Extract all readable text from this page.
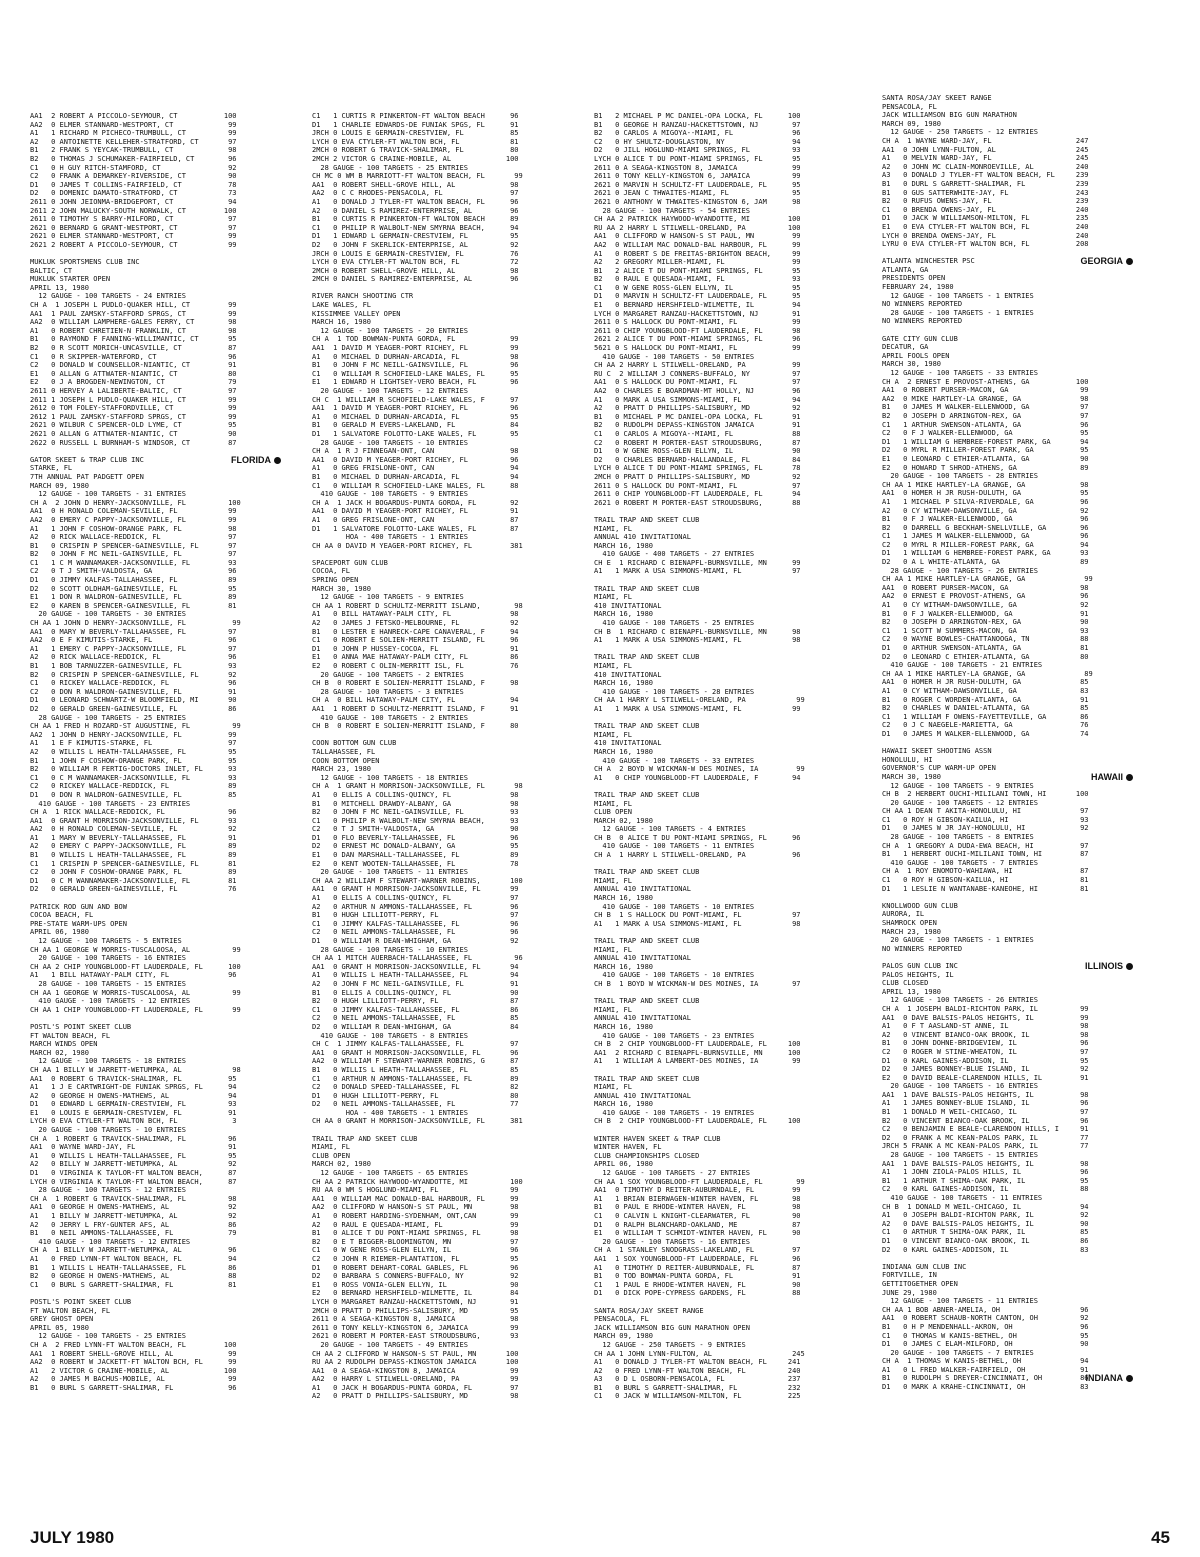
AA1  2 ROBERT A PICCOLO-SEYMOUR, CT           100
AA2  0 ELMER STANNARD-WESTPORT, CT             99
A1   1 RICHARD M PICHECO-TRUMBULL, CT          99
A2   0 ANTOINETTE KELLEHER-STRATFORD, CT       97
B1   2 FRANK S YEYCAK-TRUMBULL, CT             98
B2   0 THOMAS J SCHUMAKER-FAIRFIELD, CT        96
C1   0 H GUY RITCH-STAMFORD, CT                92
C2   0 FRANK A DEMARKEY-RIVERSIDE, CT          90
D1   0 JAMES T COLLINS-FAIRFIELD, CT           78
D2   0 DOMENIC DAMATO-STRATFORD, CT            73
2611 0 JOHN JEIONMA-BRIDGEPORT, CT             94
2611 2 JOHN MALUCKY-SOUTH NORWALK, CT         100
2611 0 TIMOTHY S BARRY-MILFORD, CT             97
2621 0 BERNARD G GRANT-WESTPORT, CT            97
2621 0 ELMER STANNARD-WESTPORT, CT             99
2621 2 ROBERT A PICCOLO-SEYMOUR, CT            99

MUKLUK SPORTSMENS CLUB INC
BALTIC, CT
MUKLUK STARTER OPEN
APRIL 13, 1980
12 GAUGE - 100 TARGETS - 24 ENTRIES
CH A  1 JOSEPH L PUDLO-QUAKER HILL, CT         99
AA1  1 PAUL ZAMSKY-STAFFORD SPRGS, CT          99
AA2  0 WILLIAM LAMPHERE-GALES FERRY, CT        98
A1   0 ROBERT CHRETIEN-N FRANKLIN, CT          98
B1   0 RAYMOND F FANNING-WILLIMANTIC, CT       95
B2   0 R SCOTT MORICH-UNCASVILLE, CT           87
C1   0 R SKIPPER-WATERFORD, CT                 96
C2   0 DONALD W COUNSELLOR-NIANTIC, CT         91
E1   0 ALLAN G ATTWATER-NIANTIC, CT            80
E2   0 J A BROGDEN-NEWINGTON, CT               79
2611 0 HERVEY A LALIBERTE-BALTIC, CT           97
2611 1 JOSEPH L PUDLO-QUAKER HILL, CT          99
2612 0 TOM FOLEY-STAFFORDVILLE, CT             99
2612 1 PAUL ZAMSKY-STAFFORD SPRGS, CT          99
2621 0 WILBUR C SPENCER-OLD LYME, CT           95
2621 0 ALLAN G ATTWATER-NIANTIC, CT            90
2622 0 RUSSELL L BURNHAM-S WINDSOR, CT         87

GATOR SKEET & TRAP CLUB INC	FLORIDA
STARKE, FL
7TH ANNUAL PAT PADGETT OPEN
MARCH 09, 1980
12 GAUGE - 100 TARGETS - 31 ENTRIES
CH A  2 JOHN D HENRY-JACKSONVILLE, FL          100
AA1  0 H RONALD COLEMAN-SEVILLE, FL            99
AA2  0 EMERY C PAPPY-JACKSONVILLE, FL          99
A1   1 JOHN F COSHOW-ORANGE PARK, FL           98
A2   0 RICK WALLACE-REDDICK, FL                97
B1   0 CRISPIN P SPENCER-GAINESVILLE, FL       97
B2   0 JOHN F MC NEIL-GAINSVILLE, FL           97
C1   1 C M WANNAMAKER-JACKSONVILLE, FL         93
C2   0 T J SMITH-VALDOSTA, GA                  96
D1   0 JIMMY KALFAS-TALLAHASSEE, FL            89
D2   0 SCOTT OLDHAM-GAINESVILLE, FL            95
E1   1 DON R WALDRON-GAINESVILLE, FL           89
E2   0 KAREN B SPENCER-GAINESVILLE, FL         81
20 GAUGE - 100 TARGETS - 30 ENTRIES
CH AA 1 JOHN D HENRY-JACKSONVILLE, FL           99
AA1  0 MARY W BEVERLY-TALLAHASSEE, FL          97
AA2  0 E F KIMUTIS-STARKE, FL                  96
A1   1 EMERY C PAPPY-JACKSONVILLE, FL          97
A2   0 RICK WALLACE-REDDICK, FL                96
B1   1 BOB TARNUZZER-GAINESVILLE, FL           93
B2   0 CRISPIN P SPENCER-GAINESVILLE, FL       92
C1   0 RICKEY WALLACE-REDDICK, FL              96
C2   0 DON R WALDRON-GAINESVILLE, FL           91
D1   0 LEONARD SCHWARTZ-W BLOOMFIELD, MI       90
D2   0 GERALD GREEN-GAINESVILLE, FL            86
28 GAUGE - 100 TARGETS - 25 ENTRIES
CH AA 1 FRED H ROZARD-ST AUGUSTINE, FL          99
AA2  1 JOHN D HENRY-JACKSONVILLE, FL           99
A1   1 E F KIMUTIS-STARKE, FL                  97
A2   0 WILLIS L HEATH-TALLAHASSEE, FL          95
B1   1 JOHN F COSHOW-ORANGE PARK, FL           95
B2   0 WILLIAM R FERTIG-DOCTORS INLET, FL      93
C1   0 C M WANNAMAKER-JACKSONVILLE, FL         93
C2   0 RICKEY WALLACE-REDDICK, FL              89
D1   0 DON R WALDRON-GAINESVILLE, FL           85
410 GAUGE - 100 TARGETS - 23 ENTRIES
CH A  1 RICK WALLACE-REDDICK, FL               96
AA1  0 GRANT H MORRISON-JACKSONVILLE, FL       93
AA2  0 H RONALD COLEMAN-SEVILLE, FL            92
A1   1 MARY W BEVERLY-TALLAHASSEE, FL          91
A2   0 EMERY C PAPPY-JACKSONVILLE, FL          89
B1   0 WILLIS L HEATH-TALLAHASSEE, FL          89
C1   1 CRISPIN P SPENCER-GAINESVILLE, FL       81
C2   0 JOHN F COSHOW-ORANGE PARK, FL           89
D1   0 C M WANNAMAKER-JACKSONVILLE, FL         81
D2   0 GERALD GREEN-GAINESVILLE, FL            76

PATRICK ROD GUN AND BOW
COCOA BEACH, FL
PRE-STATE WARM-UPS OPEN
APRIL 06, 1980
12 GAUGE - 100 TARGETS - 5 ENTRIES
CH AA 1 GEORGE W MORRIS-TUSCALOOSA, AL          99
20 GAUGE - 100 TARGETS - 16 ENTRIES
CH AA 2 CHIP YOUNGBLOOD-FT LAUDERDALE, FL      100
A1   1 BILL HATAWAY-PALM CITY, FL              96
28 GAUGE - 100 TARGETS - 15 ENTRIES
CH AA 1 GEORGE W MORRIS-TUSCALOOSA, AL          99
410 GAUGE - 100 TARGETS - 12 ENTRIES
CH AA 1 CHIP YOUNGBLOOD-FT LAUDERDALE, FL       99

POSTL'S POINT SKEET CLUB
FT WALTON BEACH, FL
MARCH WINDS OPEN
MARCH 02, 1980
12 GAUGE - 100 TARGETS - 18 ENTRIES
CH AA 1 BILLY W JARRETT-WETUMPKA, AL            98
AA1  0 ROBERT G TRAVICK-SHALIMAR, FL           95
A1   1 J E CARTWRIGHT-DE FUNIAK SPRGS, FL      94
A2   0 GEORGE H OWENS-MATHEWS, AL              94
D1   0 EDWARD L GERMAIN-CRESTVIEW, FL          93
E1   0 LOUIS E GERMAIN-CRESTVIEW, FL           91
LYCH 0 EVA CTYLER-FT WALTON BCH, FL             3
20 GAUGE - 100 TARGETS - 10 ENTRIES
CH A  1 ROBERT G TRAVICK-SHALIMAR, FL          96
AA1  0 WAYNE WARD-JAY, FL                      91
A1   0 WILLIS L HEATH-TALLAHASSEE, FL          95
A2   0 BILLY W JARRETT-WETUMPKA, AL            92
D1   0 VIRGINIA K TAYLOR-FT WALTON BEACH,      87
LYCH 0 VIRGINIA K TAYLOR-FT WALTON BEACH,      87
28 GAUGE - 100 TARGETS - 12 ENTRIES
CH A  1 ROBERT G TRAVICK-SHALIMAR, FL          98
AA1  0 GEORGE H OWENS-MATHEWS, AL              92
A1   1 BILLY W JARRETT-WETUMPKA, AL            92
A2   0 JERRY L FRY-GUNTER AFS, AL              86
B1   0 NEIL AMMONS-TALLAHASSEE, FL             79
410 GAUGE - 100 TARGETS - 12 ENTRIES
CH A  1 BILLY W JARRETT-WETUMPKA, AL           96
A1   0 FRED LYNN-FT WALTON BEACH, FL           94
B1   1 WILLIS L HEATH-TALLAHASSEE, FL          86
B2   0 GEORGE H OWENS-MATHEWS, AL              88
C1   0 BURL S GARRETT-SHALIMAR, FL             81

POSTL'S POINT SKEET CLUB
FT WALTON BEACH, FL
GREY GHOST OPEN
APRIL 05, 1980
12 GAUGE - 100 TARGETS - 25 ENTRIES
CH A  2 FRED LYNN-FT WALTON BEACH, FL         100
AA1  1 ROBERT SHELL-GROVE HILL, AL             99
AA2  0 ROBERT W JACKETT-FT WALTON BCH, FL      99
A1   2 VICTOR G CRAINE-MOBILE, AL             100
A2   0 JAMES M BACHUS-MOBILE, AL               99
B1   0 BURL S GARRETT-SHALIMAR, FL             96
C1   1 CURTIS R PINKERTON-FT WALTON BEACH      96
D1   1 CHARLIE EDWARDS-DE FUNIAK SPGS, FL      91
JRCH 0 LOUIS E GERMAIN-CRESTVIEW, FL           85
LYCH 0 EVA CTYLER-FT WALTON BCH, FL            81
2MCH 0 ROBERT G TRAVICK-SHALIMAR, FL           80
2MCH 2 VICTOR G CRAINE-MOBILE, AL             100
28 GAUGE - 100 TARGETS - 25 ENTRIES
CH MC 0 WM B MARRIOTT-FT WALTON BEACH, FL       99
AA1  0 ROBERT SHELL-GROVE HILL, AL             98
AA2  0 C C RHODES-PENSACOLA, FL                97
A1   0 DONALD J TYLER-FT WALTON BEACH, FL      96
A2   0 DANIEL S RAMIREZ-ENTERPRISE, AL         96
B1   0 CURTIS R PINKERTON-FT WALTON BEACH      89
C1   0 PHILIP R WALBOLT-NEW SMYRNA BEACH,      94
D1   1 EDWARD L GERMAIN-CRESTVIEW, FL          95
D2   0 JOHN F SKERLICK-ENTERPRISE, AL          92
JRCH 0 LOUIS E GERMAIN-CRESTVIEW, FL           76
LYCH 0 EVA CTYLER-FT WALTON BCH, FL            72
2MCH 0 ROBERT SHELL-GROVE HILL, AL             98
2MCH 0 DANIEL S RAMIREZ-ENTERPRISE, AL         96

RIVER RANCH SHOOTING CTR
LAKE WALES, FL
KISSIMMEE VALLEY OPEN
MARCH 16, 1980
12 GAUGE - 100 TARGETS - 20 ENTRIES
CH A  1 TOD BOWMAN-PUNTA GORDA, FL             99
AA1  1 DAVID M YEAGER-PORT RICHEY, FL          99
A1   0 MICHAEL D DURHAN-ARCADIA, FL            98
B1   0 JOHN F MC NEILL-GAINSVILLE, FL          96
C1   0 WILLIAM R SCHOFIELD-LAKE WALES, FL      95
E1   1 EDWARD H LIGHTSEY-VERO BEACH, FL        96
20 GAUGE - 100 TARGETS - 12 ENTRIES
CH C  1 WILLIAM R SCHOFIELD-LAKE WALES, F      97
AA1  1 DAVID M YEAGER-PORT RICHEY, FL          96
A1   0 MICHAEL D DURHAN-ARCADIA, FL            95
B1   0 GERALD M EVERS-LAKELAND, FL             84
D1   1 SALVATORE FOLOTTO-LAKE WALES, FL        95
28 GAUGE - 100 TARGETS - 10 ENTRIES
CH A  1 R J FINNEGAN-ONT, CAN                  98
AA1  0 DAVID M YEAGER-PORT RICHEY, FL          96
A1   0 GREG FRISLONE-ONT, CAN                  94
B1   0 MICHAEL D DURHAN-ARCADIA, FL            94
C1   0 WILLIAM R SCHOFIELD-LAKE WALES, FL      88
410 GAUGE - 100 TARGETS - 9 ENTRIES
CH A  1 JACK H BOGARDUS-PUNTA GORDA, FL        92
AA1  0 DAVID M YEAGER-PORT RICHEY, FL          91
A1   0 GREG FRISLONE-ONT, CAN                  87
D1   1 SALVATORE FOLOTTO-LAKE WALES, FL        87
HOA - 400 TARGETS - 1 ENTRIES
CH AA 0 DAVID M YEAGER-PORT RICHEY, FL         381

SPACEPORT GUN CLUB
COCOA, FL
SPRING OPEN
MARCH 30, 1980
12 GAUGE - 100 TARGETS - 9 ENTRIES
CH AA 1 ROBERT D SCHULTZ-MERRITT ISLAND,        98
A1   0 BILL HATAWAY-PALM CITY, FL              98
A2   0 JAMES J FETSKO-MELBOURNE, FL            92
B1   0 LESTER E HANRECK-CAPE CANAVERAL, F      94
C1   0 ROBERT E SOLIEN-MERRITT ISLAND, FL      96
D1   0 JOHN P HUSSEY-COCOA, FL                 91
E1   0 ANNA MAE HATAWAY-PALM CITY, FL          86
E2   0 ROBERT C OLIN-MERRITT ISL, FL           76
20 GAUGE - 100 TARGETS - 2 ENTRIES
CH B  0 ROBERT E SOLIEN-MERRITT ISLAND, F      98
28 GAUGE - 100 TARGETS - 3 ENTRIES
CH A  0 BILL HATAWAY-PALM CITY, FL             94
AA1  1 ROBERT D SCHULTZ-MERRITT ISLAND, F      91
410 GAUGE - 100 TARGETS - 2 ENTRIES
CH B  0 ROBERT E SOLIEN-MERRITT ISLAND, F      80

COON BOTTOM GUN CLUB
TALLAHASSEE, FL
COON BOTTOM OPEN
MARCH 23, 1980
12 GAUGE - 100 TARGETS - 18 ENTRIES
CH A  1 GRANT H MORRISON-JACKSONVILLE, FL       98
A1   0 ELLIS A COLLINS-QUINCY, FL              98
B1   0 MITCHELL DRAWDY-ALBANY, GA              98
B2   0 JOHN F MC NEIL-GAINSVILLE, FL           93
C1   0 PHILIP R WALBOLT-NEW SMYRNA BEACH,      93
C2   0 T J SMITH-VALDOSTA, GA                  90
D1   0 FLO BEVERLY-TALLAHASSEE, FL             96
D2   0 ERNEST MC DONALD-ALBANY, GA             95
E1   0 DAN MARSHALL-TALLAHASSEE, FL            89
E2   0 KENT WOOTEN-TALLAHASSEE, FL             78
20 GAUGE - 100 TARGETS - 11 ENTRIES
CH AA 2 WILLIAM F STEWART-WARNER ROBINS,       100
AA1  0 GRANT H MORRISON-JACKSONVILLE, FL       99
A1   0 ELLIS A COLLINS-QUINCY, FL              97
A2   0 ARTHUR N AMMONS-TALLAHASSEE, FL         96
B1   0 HUGH LILLIOTT-PERRY, FL                 97
C1   0 JIMMY KALFAS-TALLAHASSEE, FL            96
C2   0 NEIL AMMONS-TALLAHASSEE, FL             96
D1   0 WILLIAM R DEAN-WHIGHAM, GA              92
28 GAUGE - 100 TARGETS - 10 ENTRIES
CH AA 1 MITCH AUERBACH-TALLAHASSEE, FL          96
AA1  0 GRANT H MORRISON-JACKSONVILLE, FL       94
A1   0 WILLIS L HEATH-TALLAHASSEE, FL          94
A2   0 JOHN F MC NEIL-GAINSVILLE, FL           91
B1   0 ELLIS A COLLINS-QUINCY, FL              90
B2   0 HUGH LILLIOTT-PERRY, FL                 87
C1   0 JIMMY KALFAS-TALLAHASSEE, FL            86
C2   0 NEIL AMMONS-TALLAHASSEE, FL             85
D2   0 WILLIAM R DEAN-WHIGHAM, GA              84
410 GAUGE - 100 TARGETS - 8 ENTRIES
CH C  1 JIMMY KALFAS-TALLAHASSEE, FL           97
AA1  0 GRANT H MORRISON-JACKSONVILLE, FL       96
AA2  0 WILLIAM F STEWART-WARNER ROBINS, G      87
B1   0 WILLIS L HEATH-TALLAHASSEE, FL          85
C1   0 ARTHUR N AMMONS-TALLAHASSEE, FL         89
C2   0 DONALD SPEED-TALLAHASSEE, FL            82
D1   0 HUGH LILLIOTT-PERRY, FL                 80
D2   0 NEIL AMMONS-TALLAHASSEE, FL             77
HOA - 400 TARGETS - 1 ENTRIES
CH AA 0 GRANT H MORRISON-JACKSONVILLE, FL      381

TRAIL TRAP AND SKEET CLUB
MIAMI, FL
CLUB OPEN
MARCH 02, 1980
12 GAUGE - 100 TARGETS - 65 ENTRIES
CH AA 2 PATRICK HAYWOOD-WYANDOTTE, MI          100
RU AA 0 WM S HOGLUND-MIAMI, FL                 99
AA1  0 WILLIAM MAC DONALD-BAL HARBOUR, FL      99
AA2  0 CLIFFORD W HANSON-S ST PAUL, MN         98
A1   0 ROBERT HARDING-SYDENHAM, ONT,CAN        99
A2   0 RAUL E QUESADA-MIAMI, FL                99
B1   0 ALICE T DU PONT-MIAMI SPRINGS, FL       98
B2   0 E T BIGGER-BLOOMINGTON, MN              97
C1   0 W GENE ROSS-GLEN ELLYN, IL              96
C2   0 JOHN R RIEMER-PLANTATION, FL            95
D1   0 ROBERT DEHART-CORAL GABLES, FL          96
D2   0 BARBARA S CONNERS-BUFFALO, NY           92
E1   0 ROSS VONIA-GLEN ELLYN, IL               90
E2   0 BERNARD HERSHFIELD-WILMETTE, IL         84
LYCH 0 MARGARET RANZAU-HACKETTSTOWN, NJ        91
2MCH 0 PRATT D PHILLIPS-SALISBURY, MD          95
2611 0 A SEAGA-KINGSTON 8, JAMAICA             98
2611 0 TONY KELLY-KINGSTON 6, JAMAICA          99
2621 0 ROBERT M PORTER-EAST STROUDSBURG,       93
20 GAUGE - 100 TARGETS - 49 ENTRIES
CH AA 2 CLIFFORD W HANSON-S ST PAUL, MN       100
RU AA 2 RUDOLPH DEPASS-KINGSTON JAMAICA       100
AA1  0 A SEAGA-KINGSTON 8, JAMAICA             99
AA2  0 HARRY L STILWELL-ORELAND, PA            99
A1   0 JACK H BOGARDUS-PUNTA GORDA, FL         97
A2   0 PRATT D PHILLIPS-SALISBURY, MD          98
B1   2 MICHAEL P MC DANIEL-OPA LOCKA, FL      100
B1   0 GEORGE H RANZAU-HACKETTSTOWN, NJ        97
B2   0 CARLOS A MIGOYA--MIAMI, FL              96
C2   0 HY SHULTZ-DOUGLASTON, NY                94
D2   0 JILL HOGLUND-MIAMI SPRINGS, FL          93
LYCH 0 ALICE T DU PONT-MIAMI SPRINGS, FL       95
2611 0 A SEAGA-KINGSTON 8, JAMAICA             99
2611 0 TONY KELLY-KINGSTON 6, JAMAICA          99
2621 0 MARVIN H SCHULTZ-FT LAUDERDALE, FL      95
2621 0 JEAN C THWAITES-MIAMI, FL               95
2621 0 ANTHONY W THWAITES-KINGSTON 6, JAM      98
28 GAUGE - 100 TARGETS - 54 ENTRIES
CH AA 2 PATRICK HAYWOOD-WYANDOTTE, MI         100
RU AA 2 HARRY L STILWELL-ORELAND, PA          100
AA1  0 CLIFFORD W HANSON-S ST PAUL, MN         99
AA2  0 WILLIAM MAC DONALD-BAL HARBOUR, FL      99
A1   0 ROBERT S DE FREITAS-BRIGHTON BEACH,     99
A2   2 GREGORY MILLER-MIAMI, FL                99
B1   2 ALICE T DU PONT-MIAMI SPRINGS, FL       95
B2   0 RAUL E QUESADA-MIAMI, FL                93
C1   0 W GENE ROSS-GLEN ELLYN, IL              95
D1   0 MARVIN H SCHULTZ-FT LAUDERDALE, FL      95
E1   0 BERNARD HERSHFIELD-WILMETTE, IL         94
LYCH 0 MARGARET RANZAU-HACKETTSTOWN, NJ        91
2611 0 S HALLOCK DU PONT-MIAMI, FL             99
2611 0 CHIP YOUNGBLOOD-FT LAUDERDALE, FL       98
2621 2 ALICE T DU PONT-MIAMI SPRINGS, FL       96
5621 0 S HALLOCK DU PONT-MIAMI, FL             99
410 GAUGE - 100 TARGETS - 50 ENTRIES
CH AA 2 HARRY L STILWELL-ORELAND, PA           99
RU C  2 WILLIAM J CONNERS-BUFFALO, NY          97
AA1  0 S HALLOCK DU PONT-MIAMI, FL             97
AA2  0 CHARLES E BOARDMAN-MT HOLLY, NJ         96
A1   0 MARK A USA SIMMONS-MIAMI, FL            94
A2   0 PRATT D PHILLIPS-SALISBURY, MD          92
B1   0 MICHAEL P MC DANIEL-OPA LOCKA, FL       91
B2   0 RUDOLPH DEPASS-KINGSTON JAMAICA         91
C1   0 CARLOS A MIGOYA--MIAMI, FL              88
C2   0 ROBERT M PORTER-EAST STROUDSBURG,       87
D1   0 W GENE ROSS-GLEN ELLYN, IL              90
D2   0 CHARLES BERNARD-HALLANDALE, FL          84
LYCH 0 ALICE T DU PONT-MIAMI SPRINGS, FL       78
2MCH 0 PRATT D PHILLIPS-SALISBURY, MD          92
2611 0 S HALLOCK DU PONT-MIAMI, FL             97
2611 0 CHIP YOUNGBLOOD-FT LAUDERDALE, FL       94
2621 0 ROBERT M PORTER-EAST STROUDSBURG,       88

TRAIL TRAP AND SKEET CLUB
MIAMI, FL
ANNUAL 410 INVITATIONAL
MARCH 16, 1980
410 GAUGE - 400 TARGETS - 27 ENTRIES
CH E  1 RICHARD C BIENAPFL-BURNSVILLE, MN      99
A1   1 MARK A USA SIMMONS-MIAMI, FL            97

TRAIL TRAP AND SKEET CLUB
MIAMI, FL
410 INVITATIONAL
MARCH 16, 1980
410 GAUGE - 100 TARGETS - 25 ENTRIES
CH B  1 RICHARD C BIENAPFL-BURNSVILLE, MN      98
A1   1 MARK A USA SIMMONS-MIAMI, FL            98

TRAIL TRAP AND SKEET CLUB
MIAMI, FL
410 INVITATIONAL
MARCH 16, 1980
410 GAUGE - 100 TARGETS - 28 ENTRIES
CH AA 1 HARRY L STILWELL-ORELAND, PA            99
A1   1 MARK A USA SIMMONS-MIAMI, FL            99

TRAIL TRAP AND SKEET CLUB
MIAMI, FL
410 INVITATIONAL
MARCH 16, 1980
410 GAUGE - 100 TARGETS - 33 ENTRIES
CH A  2 BOYD W WICKMAN-W DES MOINES, IA         99
A1   0 CHIP YOUNGBLOOD-FT LAUDERDALE, F        94

TRAIL TRAP AND SKEET CLUB
MIAMI, FL
CLUB OPEN
MARCH 02, 1980
12 GAUGE - 100 TARGETS - 4 ENTRIES
CH B  0 ALICE T DU PONT-MIAMI SPRINGS, FL      96
410 GAUGE - 100 TARGETS - 11 ENTRIES
CH A  1 HARRY L STILWELL-ORELAND, PA           96

TRAIL TRAP AND SKEET CLUB
MIAMI, FL
ANNUAL 410 INVITATIONAL
MARCH 16, 1980
410 GAUGE - 100 TARGETS - 10 ENTRIES
CH B  1 S HALLOCK DU PONT-MIAMI, FL            97
A1   1 MARK A USA SIMMONS-MIAMI, FL            98

TRAIL TRAP AND SKEET CLUB
MIAMI, FL
ANNUAL 410 INVITATIONAL
MARCH 16, 1980
410 GAUGE - 100 TARGETS - 10 ENTRIES
CH B  1 BOYD W WICKMAN-W DES MOINES, IA        97

TRAIL TRAP AND SKEET CLUB
MIAMI, FL
ANNUAL 410 INVITATIONAL
MARCH 16, 1980
410 GAUGE - 100 TARGETS - 23 ENTRIES
CH B  2 CHIP YOUNGBLOOD-FT LAUDERDALE, FL     100
AA1  2 RICHARD C BIENAPFL-BURNSVILLE, MN      100
A1   1 WILLIAM A LAMBERT-DES MOINES, IA        99

TRAIL TRAP AND SKEET CLUB
MIAMI, FL
ANNUAL 410 INVITATIONAL
MARCH 16, 1980
410 GAUGE - 100 TARGETS - 19 ENTRIES
CH B  2 CHIP YOUNGBLOOD-FT LAUDERDALE, FL     100

WINTER HAVEN SKEET & TRAP CLUB
WINTER HAVEN, FL
CLUB CHAMPIONSHIPS CLOSED
APRIL 06, 1980
12 GAUGE - 100 TARGETS - 27 ENTRIES
CH AA 1 SOX YOUNGBLOOD-FT LAUDERDALE, FL        99
AA1  0 TIMOTHY D REITER-AUBURNDALE, FL         99
A1   1 BRIAN BIERWAGEN-WINTER HAVEN, FL        98
B1   0 PAUL E RHODE-WINTER HAVEN, FL           98
C1   0 CALVIN L KNIGHT-CLEARWATER, FL          90
D1   0 RALPH BLANCHARD-OAKLAND, ME             87
E1   0 WILLIAM T SCHMIDT-WINTER HAVEN, FL      90
20 GAUGE - 100 TARGETS - 16 ENTRIES
CH A  1 STANLEY SNODGRASS-LAKELAND, FL         97
AA1  1 SOX YOUNGBLOOD-FT LAUDERDALE, FL        96
A1   0 TIMOTHY D REITER-AUBURNDALE, FL         87
B1   0 TOD BOWMAN-PUNTA GORDA, FL              91
C1   1 PAUL E RHODE-WINTER HAVEN, FL           90
D1   0 DICK POPE-CYPRESS GARDENS, FL           88

SANTA ROSA/JAY SKEET RANGE
PENSACOLA, FL
JACK WILLIAMSON BIG GUN MARATHON OPEN
MARCH 09, 1980
12 GAUGE - 250 TARGETS - 9 ENTRIES
CH AA 1 JOHN LYNN-FULTON, AL                   245
A1   0 DONALD J TYLER-FT WALTON BEACH, FL     241
A2   0 FRED LYNN-FT WALTON BEACH, FL          240
A3   0 D L OSBORN-PENSACOLA, FL               237
B1   0 BURL S GARRETT-SHALIMAR, FL            232
C1   0 JACK W WILLIAMSON-MILTON, FL           225
SANTA ROSA/JAY SKEET RANGE
PENSACOLA, FL
JACK WILLIAMSON BIG GUN MARATHON
MARCH 09, 1980
12 GAUGE - 250 TARGETS - 12 ENTRIES
CH A  1 WAYNE WARD-JAY, FL                    247
AA1  0 JOHN LYNN-FULTON, AL                   245
A1   0 MELVIN WARD-JAY, FL                    245
A2   0 JOHN MC CLAIN-MONROEVILLE, AL          240
A3   0 DONALD J TYLER-FT WALTON BEACH, FL     239
B1   0 DURL S GARRETT-SHALIMAR, FL            239
B1   0 GUS SATTERWHITE-JAY, FL                243
B2   0 RUFUS OWENS-JAY, FL                    239
C1   0 BRENDA OWENS-JAY, FL                   240
D1   0 JACK W WILLIAMSON-MILTON, FL           235
E1   0 EVA CTYLER-FT WALTON BCH, FL           240
LYCH 0 BRENDA OWENS-JAY, FL                   240
LYRU 0 EVA CTYLER-FT WALTON BCH, FL           208

ATLANTA WINCHESTER PSC	GEORGIA
ATLANTA, GA
PRESIDENTS OPEN
FEBRUARY 24, 1980
12 GAUGE - 100 TARGETS - 1 ENTRIES
NO WINNERS REPORTED
28 GAUGE - 100 TARGETS - 1 ENTRIES
NO WINNERS REPORTED

GATE CITY GUN CLUB
DECATUR, GA
APRIL FOOLS OPEN
MARCH 30, 1980
12 GAUGE - 100 TARGETS - 33 ENTRIES
CH A  2 ERNEST E PROVOST-ATHENS, GA           100
AA1  0 ROBERT PURSER-MACON, GA                 99
AA2  0 MIKE HARTLEY-LA GRANGE, GA              98
B1   0 JAMES M WALKER-ELLENWOOD, GA            97
B2   0 JOSEPH D ARRINGTON-REX, GA              97
C1   1 ARTHUR SWENSON-ATLANTA, GA              96
C2   0 F J WALKER-ELLENWOOD, GA                95
D1   1 WILLIAM G HEMBREE-FOREST PARK, GA       94
D2   0 MYRL R MILLER-FOREST PARK, GA           95
E1   0 LEONARD C ETHIER-ATLANTA, GA            90
E2   0 HOWARD T SHROD-ATHENS, GA               89
20 GAUGE - 100 TARGETS - 28 ENTRIES
CH AA 1 MIKE HARTLEY-LA GRANGE, GA             98
AA1  0 HOMER H JR RUSH-DULUTH, GA              95
A1   1 MICHAEL P SILVA-RIVERDALE, GA           96
A2   0 CY WITHAM-DAWSONVILLE, GA               92
B1   0 F J WALKER-ELLENWOOD, GA                96
B2   0 DARRELL G BECKHAM-SNELLVILLE, GA        96
C1   1 JAMES M WALKER-ELLENWOOD, GA            96
C2   0 MYRL R MILLER-FOREST PARK, GA           94
D1   1 WILLIAM G HEMBREE-FOREST PARK, GA       93
D2   0 A L WHITE-ATLANTA, GA                   89
28 GAUGE - 100 TARGETS - 26 ENTRIES
CH AA 1 MIKE HARTLEY-LA GRANGE, GA              99
AA1  0 ROBERT PURSER-MACON, GA                 98
AA2  0 ERNEST E PROVOST-ATHENS, GA             96
A1   0 CY WITHAM-DAWSONVILLE, GA               92
B1   0 F J WALKER-ELLENWOOD, GA                91
B2   0 JOSEPH D ARRINGTON-REX, GA              90
C1   1 SCOTT W SUMMERS-MACON, GA               93
C2   0 WAYNE BOWLES-CHATTANOOGA, TN            88
D1   0 ARTHUR SWENSON-ATLANTA, GA              81
D2   0 LEONARD C ETHIER-ATLANTA, GA            80
410 GAUGE - 100 TARGETS - 21 ENTRIES
CH AA 1 MIKE HARTLEY-LA GRANGE, GA              89
AA1  0 HOMER H JR RUSH-DULUTH, GA              85
A1   0 CY WITHAM-DAWSONVILLE, GA               83
B1   0 ROGER C WORDEN-ATLANTA, GA              91
B2   0 CHARLES W DANIEL-ATLANTA, GA            85
C1   1 WILLIAM F OWENS-FAYETTEVILLE, GA        86
C2   0 J C NAEGELE-MARIETTA, GA                76
D1   0 JAMES M WALKER-ELLENWOOD, GA            74

HAWAII SKEET SHOOTING ASSN
HONOLULU, HI
GOVERNOR'S CUP WARM-UP OPEN
MARCH 30, 1980	HAWAII
12 GAUGE - 100 TARGETS - 9 ENTRIES
CH B  2 HERBERT OUCHI-MILILANI TOWN, HI       100
20 GAUGE - 100 TARGETS - 12 ENTRIES
CH AA 1 DEAN T AKITA-HONOLULU, HI              97
C1   0 ROY H GIBSON-KAILUA, HI                 93
D1   0 JAMES W JR JAY-HONOLULU, HI             92
28 GAUGE - 100 TARGETS - 8 ENTRIES
CH A  1 GREGORY A DUDA-EWA BEACH, HI           97
B1   1 HERBERT OUCHI-MILILANI TOWN, HI         87
410 GAUGE - 100 TARGETS - 7 ENTRIES
CH A  1 ROY ENOMOTO-WAHIAWA, HI                87
C1   0 ROY H GIBSON-KAILUA, HI                 81
D1   1 LESLIE N WANTANABE-KANEOHE, HI          81

KNOLLWOOD GUN CLUB
AURORA, IL
SHAMROCK OPEN
MARCH 23, 1980
20 GAUGE - 100 TARGETS - 1 ENTRIES
NO WINNERS REPORTED

PALOS GUN CLUB INC	ILLINOIS
PALOS HEIGHTS, IL
CLUB CLOSED
APRIL 13, 1980
12 GAUGE - 100 TARGETS - 26 ENTRIES
CH A  1 JOSEPH BALDI-RICHTON PARK, IL          99
AA1  0 DAVE BALSIS-PALOS HEIGHTS, IL           99
A1   0 F T AASLAND-ST ANNE, IL                 98
A2   0 VINCENT BIANCO-OAK BROOK, IL            98
B1   0 JOHN DOHNE-BRIDGEVIEW, IL               96
C2   0 ROGER W STINE-WHEATON, IL               97
D1   0 KARL GAINES-ADDISON, IL                 95
D2   0 JAMES BONNEY-BLUE ISLAND, IL            92
E2   0 DAVID BEALE-CLARENDON HILLS, IL         91
20 GAUGE - 100 TARGETS - 16 ENTRIES
AA1  1 DAVE BALSIS-PALOS HEIGHTS, IL           98
A1   1 JAMES BONNEY-BLUE ISLAND, IL            96
B1   1 DONALD M WEIL-CHICAGO, IL               97
B2   0 VINCENT BIANCO-OAK BROOK, IL            96
C2   0 BENJAMIN E BEALE-CLARENDON HILLS, I     91
D2   0 FRANK A MC KEAN-PALOS PARK, IL          77
JRCH 5 FRANK A MC KEAN-PALOS PARK, IL          77
28 GAUGE - 100 TARGETS - 15 ENTRIES
AA1  1 DAVE BALSIS-PALOS HEIGHTS, IL           98
A1   1 JOHN ZIOLA-PALOS HILLS, IL              96
B1   1 ARTHUR T SHIMA-OAK PARK, IL             95
C2   0 KARL GAINES-ADDISON, IL                 88
410 GAUGE - 100 TARGETS - 11 ENTRIES
CH B  1 DONALD M WEIL-CHICAGO, IL              94
A1   0 JOSEPH BALDI-RICHTON PARK, IL           92
A2   0 DAVE BALSIS-PALOS HEIGHTS, IL           90
C1   0 ARTHUR T SHIMA-OAK PARK, IL             85
D1   0 VINCENT BIANCO-OAK BROOK, IL            86
D2   0 KARL GAINES-ADDISON, IL                 83

INDIANA GUN CLUB INC
FORTVILLE, IN
GETTITOGETHER OPEN
JUNE 29, 1980
12 GAUGE - 100 TARGETS - 11 ENTRIES
CH AA 1 BOB ABNER-AMELIA, OH                   96
AA1  0 ROBERT SCHAUB-NORTH CANTON, OH          92
B1   0 H P MENDENHALL-AKRON, OH                96
C1   0 THOMAS W KANIS-BETHEL, OH               95
D1   0 JAMES C ELAM-MILFORD, OH                90
20 GAUGE - 100 TARGETS - 7 ENTRIES
CH A  1 THOMAS W KANIS-BETHEL, OH              94
A1   0 L FRED WALKER-FAIRFIELD, OH             91
INDIANA
B1   0 RUDOLPH S DREYER-CINCINNATI, OH         86
D1   0 MARK A KRAHE-CINCINNATI, OH             83
JULY 1980	45
